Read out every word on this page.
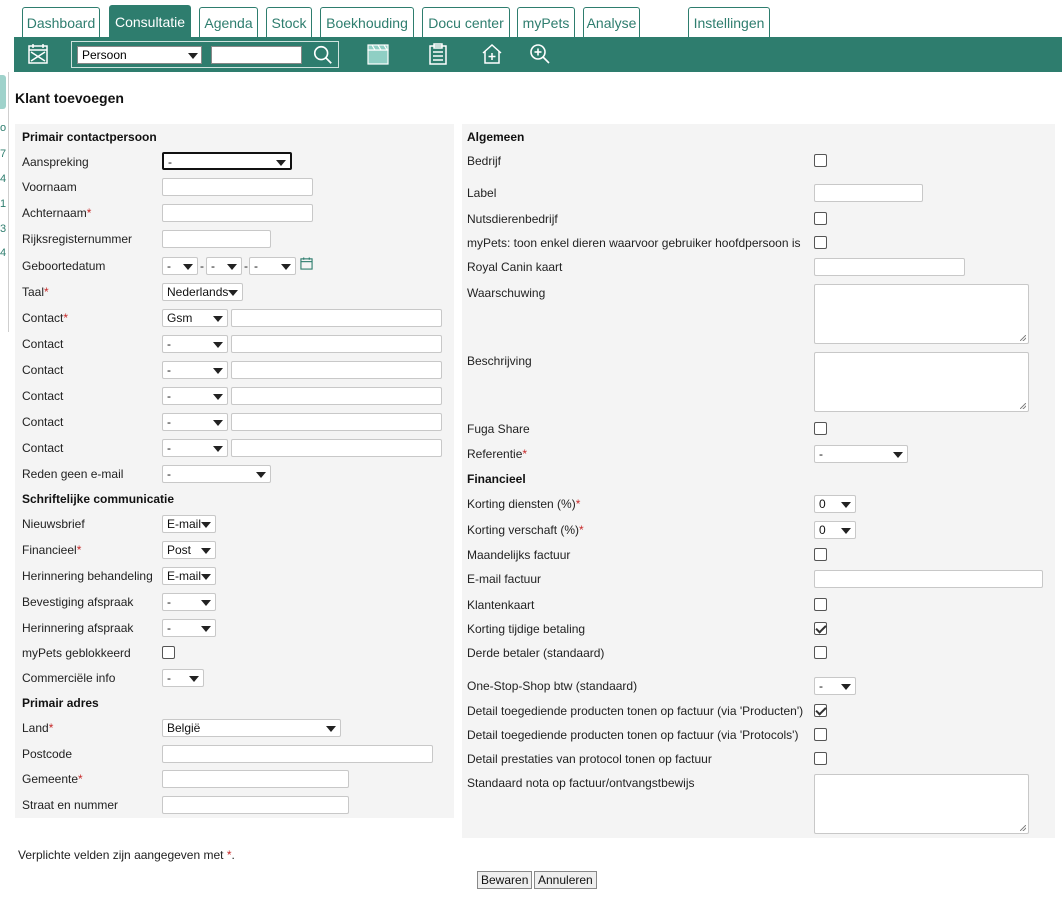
Dashboard	Consultatie	Agenda	Stock	Boekhouding	Docu center	myPets	Analyse	Instellingen
Persoon
o
7
4
1
3
4
Klant toevoegen
Primair contactpersoon
Aanspreking	-
Voornaam
Achternaam*
Rijksregisternummer
Geboortedatum	-	- -	- -
Taal*	Nederlands
Contact*	Gsm
Contact	-
Contact	-
Contact	-
Contact	-
Contact	-
Reden geen e-mail	-
Schriftelijke communicatie
Nieuwsbrief	E-mail
Financieel*	Post
Herinnering behandeling	E-mail
Bevestiging afspraak	-
Herinnering afspraak	-
myPets geblokkeerd
Commerciële info	-
Primair adres
Land*	België
Postcode
Gemeente*
Straat en nummer
Algemeen
Bedrijf
Label
Nutsdierenbedrijf
myPets: toon enkel dieren waarvoor gebruiker hoofdpersoon is
Royal Canin kaart
Waarschuwing
Beschrijving
Fuga Share
Referentie*	-
Financieel
Korting diensten (%)*	0
Korting verschaft (%)*	0
Maandelijks factuur
E-mail factuur
Klantenkaart
Korting tijdige betaling
Derde betaler (standaard)
One-Stop-Shop btw (standaard)	-
Detail toegediende producten tonen op factuur (via 'Producten')
Detail toegediende producten tonen op factuur (via 'Protocols')
Detail prestaties van protocol tonen op factuur
Standaard nota op factuur/ontvangstbewijs
Verplichte velden zijn aangegeven met *.
Bewaren Annuleren
